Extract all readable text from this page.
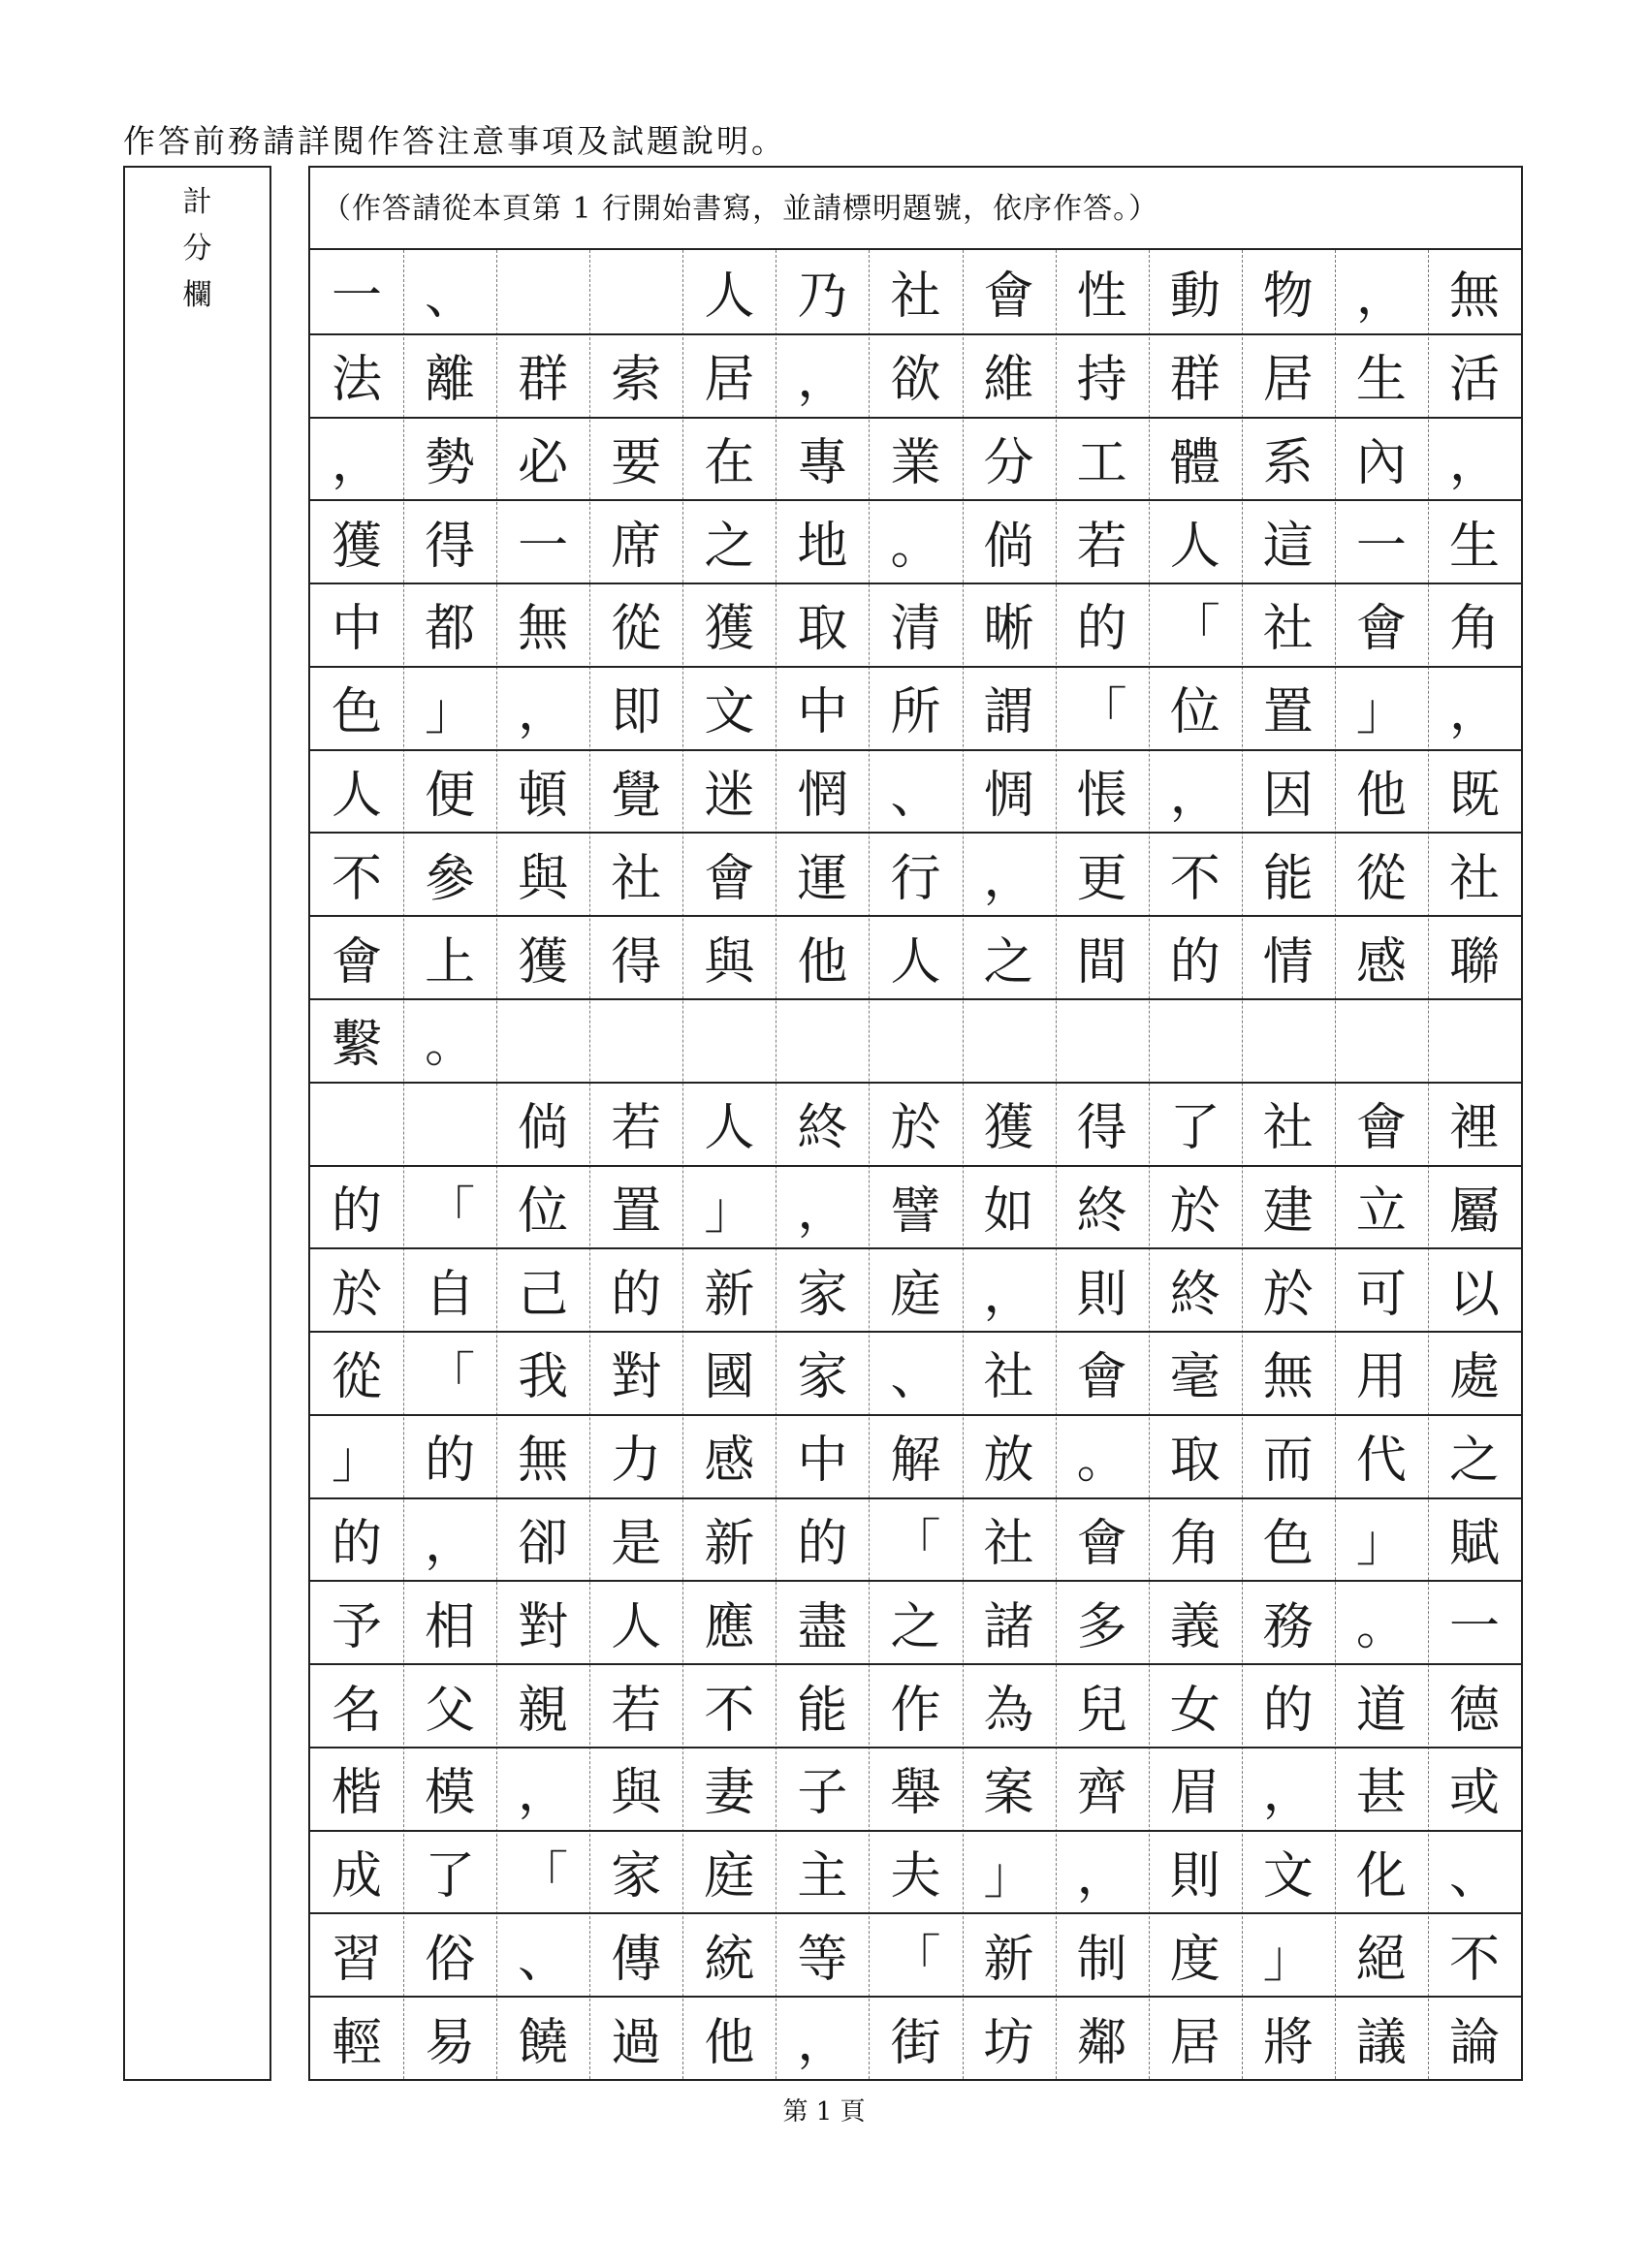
作答前務請詳閱作答注意事項及試題說明。
計
分
欄
（作答請從本頁第 1 行開始書寫，並請標明題號，依序作答。）
一 、	人 乃 社 會 性 動 物 ， 無
法 離 群 索 居 ， 欲 維 持 群 居 生 活
， 勢 必 要 在 專 業 分 工 體 系 內 ，
獲 得 一 席 之 地 。 倘 若 人 這 一 生
中 都 無 從 獲 取 清 晰 的 「 社 會 角
色 」 ， 即 文 中 所 謂 「 位 置 」 ，
人 便 頓 覺 迷 惘 、 惆 悵 ， 因 他 既
不 參 與 社 會 運 行 ， 更 不 能 從 社
會 上 獲 得 與 他 人 之 間 的 情 感 聯
繫 。
倘 若 人 終 於 獲 得 了 社 會 裡
的 「 位 置 」 ， 譬 如 終 於 建 立 屬
於 自 己 的 新 家 庭 ， 則 終 於 可 以
從 「 我 對 國 家 、 社 會 毫 無 用 處
」 的 無 力 感 中 解 放 。 取 而 代 之
的 ， 卻 是 新 的 「 社 會 角 色 」 賦
予 相 對 人 應 盡 之 諸 多 義 務 。 一
名 父 親 若 不 能 作 為 兒 女 的 道 德
楷 模 ， 與 妻 子 舉 案 齊 眉 ， 甚 或
成 了 「 家 庭 主 夫 」 ， 則 文 化 、
習 俗 、 傳 統 等 「 新 制 度 」 絕 不
輕 易 饒 過 他 ， 街 坊 鄰 居 將 議 論
第 1 頁
